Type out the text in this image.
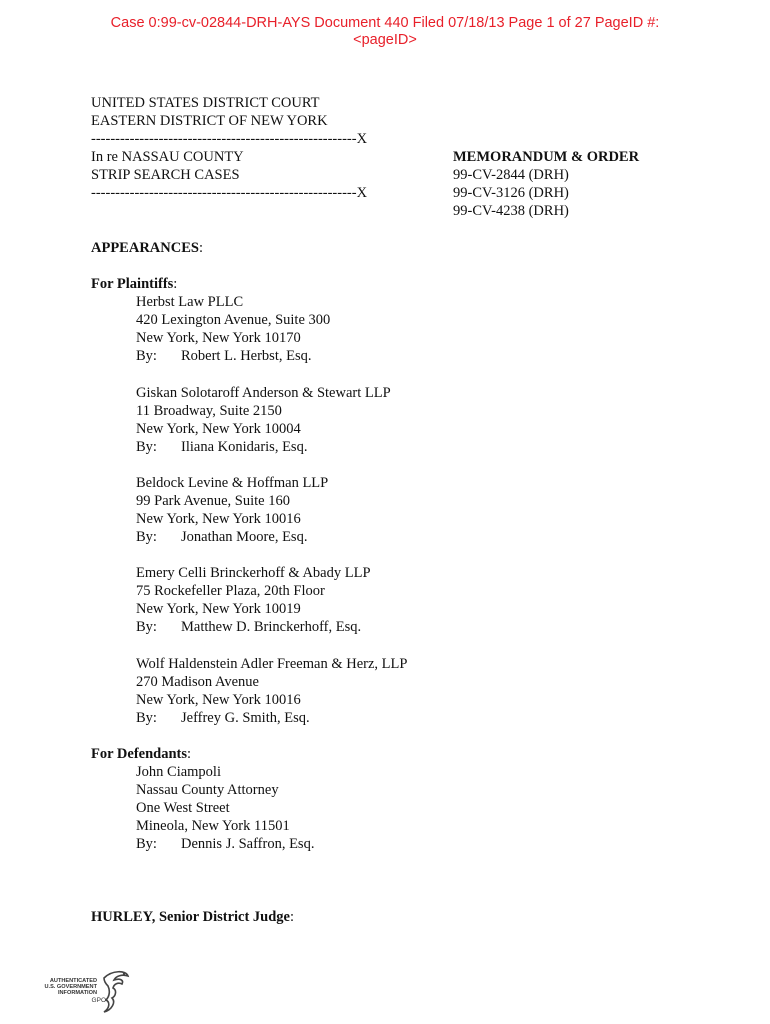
Case 0:99-cv-02844-DRH-AYS Document 440 Filed 07/18/13 Page 1 of 27 PageID #:
<pageID>
UNITED STATES DISTRICT COURT
EASTERN DISTRICT OF NEW YORK
-------------------------------------------------------X
In re NASSAU COUNTY
STRIP SEARCH CASES
-------------------------------------------------------X
MEMORANDUM & ORDER
99-CV-2844 (DRH)
99-CV-3126 (DRH)
99-CV-4238 (DRH)
APPEARANCES:
For Plaintiffs:
Herbst Law PLLC
420 Lexington Avenue, Suite 300
New York, New York 10170
By: Robert L. Herbst, Esq.
Giskan Solotaroff Anderson & Stewart LLP
11 Broadway, Suite 2150
New York, New York 10004
By: Iliana Konidaris, Esq.
Beldock Levine & Hoffman LLP
99 Park Avenue, Suite 160
New York, New York 10016
By: Jonathan Moore, Esq.
Emery Celli Brinckerhoff & Abady LLP
75 Rockefeller Plaza, 20th Floor
New York, New York 10019
By: Matthew D. Brinckerhoff, Esq.
Wolf Haldenstein Adler Freeman & Herz, LLP
270 Madison Avenue
New York, New York 10016
By: Jeffrey G. Smith, Esq.
For Defendants:
John Ciampoli
Nassau County Attorney
One West Street
Mineola, New York 11501
By: Dennis J. Saffron, Esq.
HURLEY, Senior District Judge:
AUTHENTICATED
U.S. GOVERNMENT
INFORMATION
GPO
